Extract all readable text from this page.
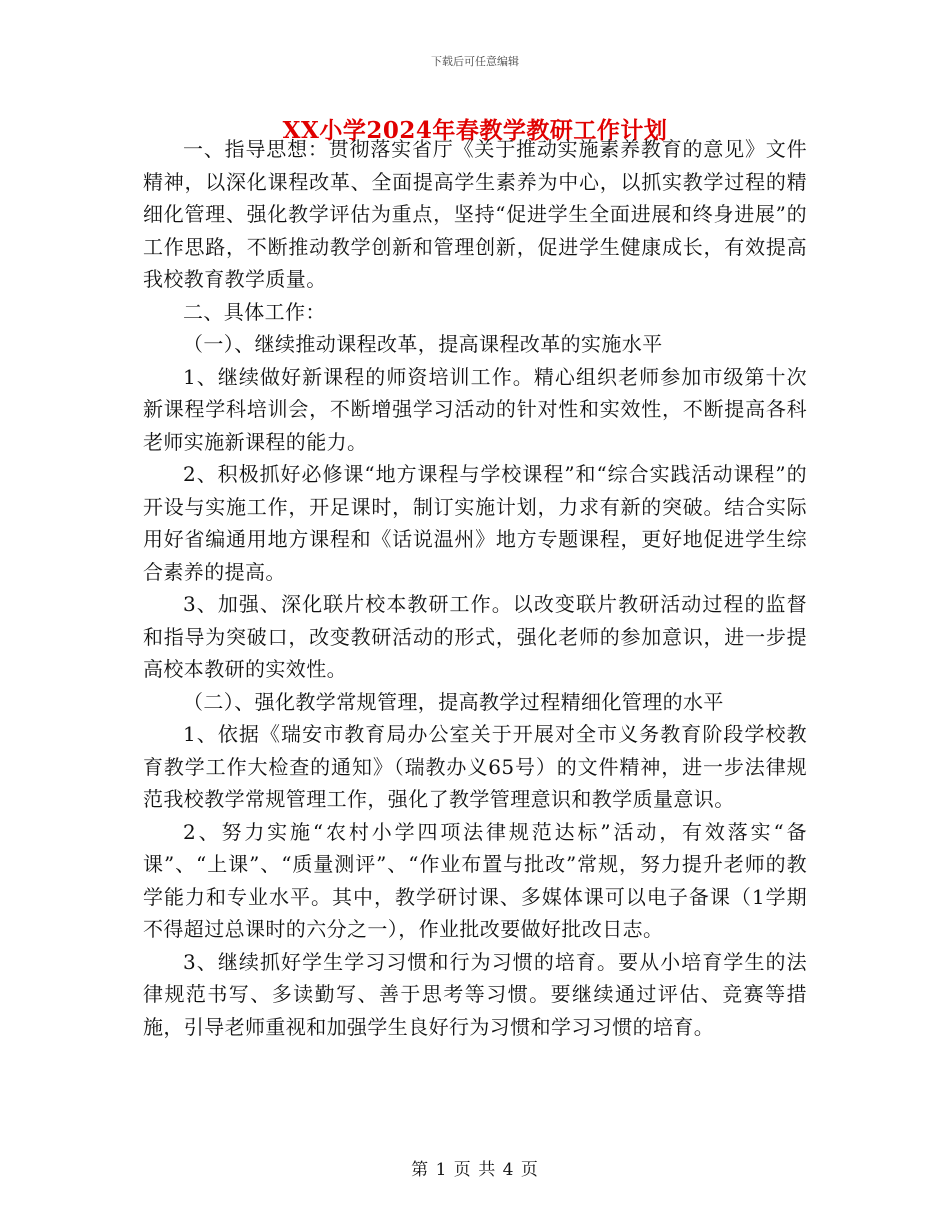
下载后可任意编辑
XX小学2024年春教学教研工作计划

一、指导思想：贯彻落实省厅《关于推动实施素养教育的意见》文件精神，以深化课程改革、全面提高学生素养为中心，以抓实教学过程的精细化管理、强化教学评估为重点，坚持“促进学生全面进展和终身进展”的工作思路，不断推动教学创新和管理创新，促进学生健康成长，有效提高我校教育教学质量。

二、具体工作：

（一）、继续推动课程改革，提高课程改革的实施水平

1、继续做好新课程的师资培训工作。精心组织老师参加市级第十次新课程学科培训会，不断增强学习活动的针对性和实效性，不断提高各科老师实施新课程的能力。

2、积极抓好必修课“地方课程与学校课程”和“综合实践活动课程”的开设与实施工作，开足课时，制订实施计划，力求有新的突破。结合实际用好省编通用地方课程和《话说温州》地方专题课程，更好地促进学生综合素养的提高。

3、加强、深化联片校本教研工作。以改变联片教研活动过程的监督和指导为突破口，改变教研活动的形式，强化老师的参加意识，进一步提高校本教研的实效性。

（二）、强化教学常规管理，提高教学过程精细化管理的水平

1、依据《瑞安市教育局办公室关于开展对全市义务教育阶段学校教育教学工作大检查的通知》（瑞教办义65号）的文件精神，进一步法律规范我校教学常规管理工作，强化了教学管理意识和教学质量意识。

2、努力实施“农村小学四项法律规范达标”活动，有效落实“备课”、“上课”、“质量测评”、“作业布置与批改”常规，努力提升老师的教学能力和专业水平。其中，教学研讨课、多媒体课可以电子备课（1学期不得超过总课时的六分之一），作业批改要做好批改日志。

3、继续抓好学生学习习惯和行为习惯的培育。要从小培育学生的法律规范书写、多读勤写、善于思考等习惯。要继续通过评估、竞赛等措施，引导老师重视和加强学生良好行为习惯和学习习惯的培育。

第 1 页 共 4 页
